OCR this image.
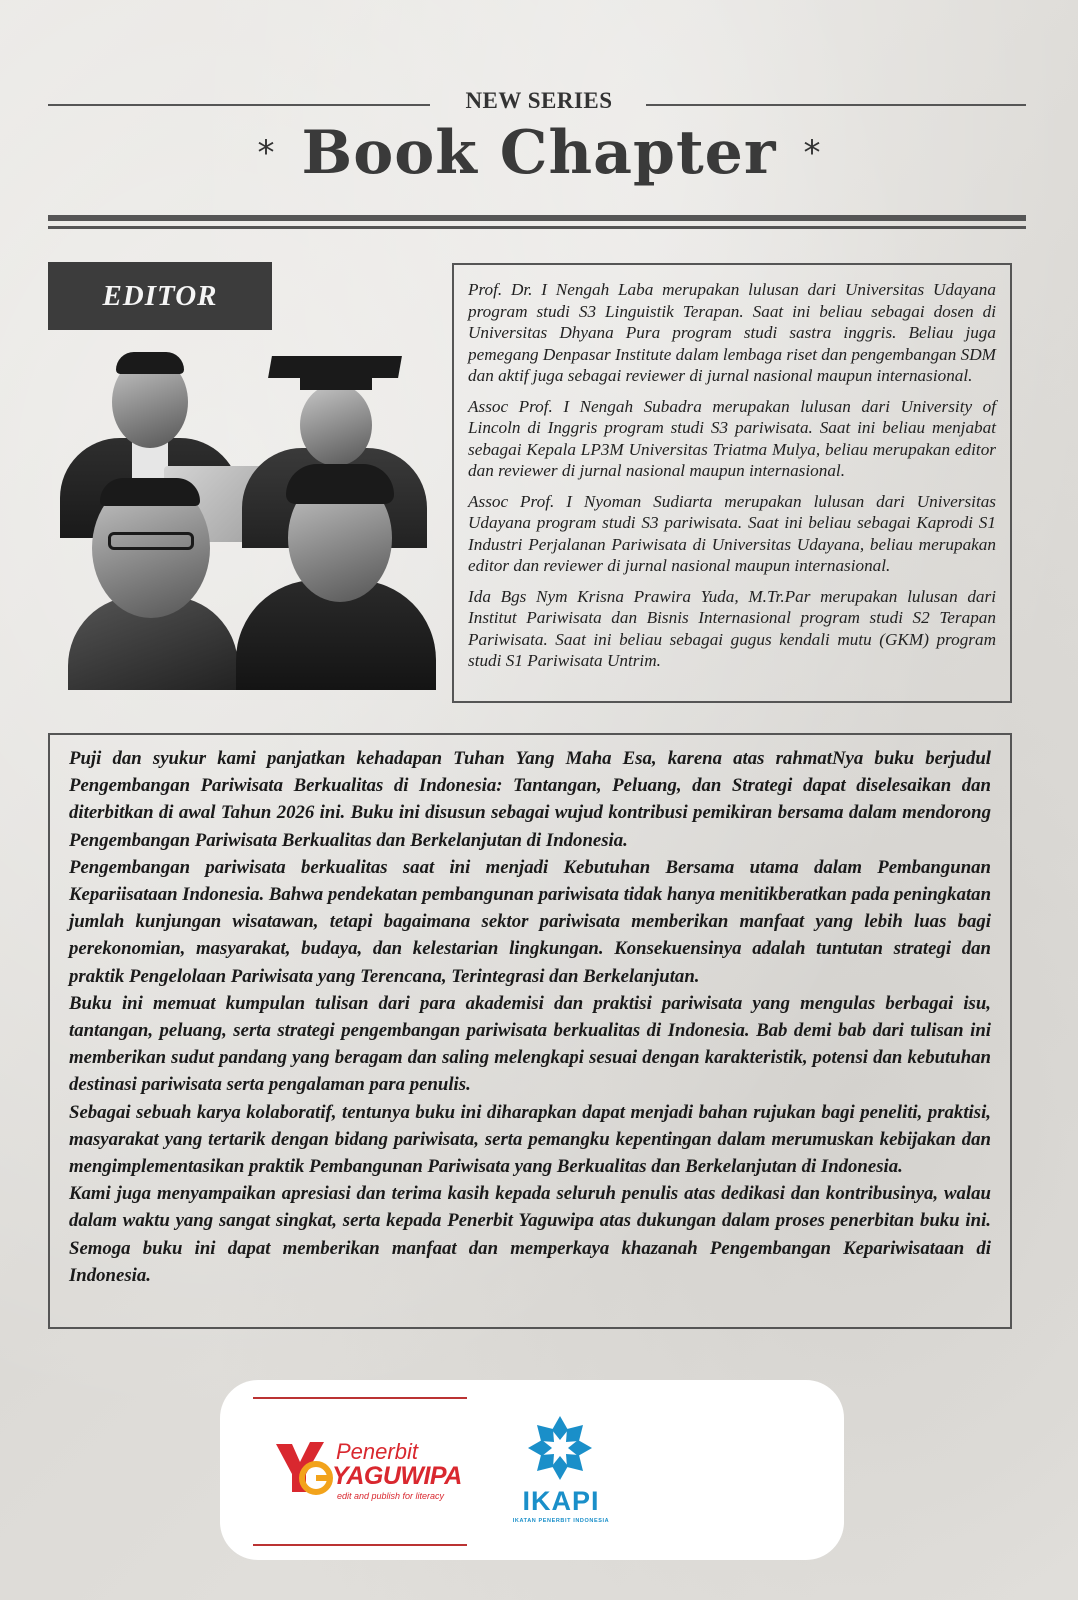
NEW SERIES
* Book Chapter *
EDITOR	Prof. Dr. I Nengah Laba merupakan lulusan dari Universitas Udayana program studi S3 Linguistik Terapan. Saat ini beliau sebagai dosen di Universitas Dhyana Pura program studi sastra inggris. Beliau juga pemegang Denpasar Institute dalam lembaga riset dan pengembangan SDM dan aktif juga sebagai reviewer di jurnal nasional maupun internasional.

Assoc Prof. I Nengah Subadra merupakan lulusan dari University of Lincoln di Inggris program studi S3 pariwisata. Saat ini beliau menjabat sebagai Kepala LP3M Universitas Triatma Mulya, beliau merupakan editor dan reviewer di jurnal nasional maupun internasional.

Assoc Prof. I Nyoman Sudiarta merupakan lulusan dari Universitas Udayana program studi S3 pariwisata. Saat ini beliau sebagai Kaprodi S1 Industri Perjalanan Pariwisata di Universitas Udayana, beliau merupakan editor dan reviewer di jurnal nasional maupun internasional.

Ida Bgs Nym Krisna Prawira Yuda, M.Tr.Par merupakan lulusan dari Institut Pariwisata dan Bisnis Internasional program studi S2 Terapan Pariwisata. Saat ini beliau sebagai gugus kendali mutu (GKM) program studi S1 Pariwisata Untrim.

Puji dan syukur kami panjatkan kehadapan Tuhan Yang Maha Esa, karena atas rahmatNya buku berjudul Pengembangan Pariwisata Berkualitas di Indonesia: Tantangan, Peluang, dan Strategi dapat diselesaikan dan diterbitkan di awal Tahun 2026 ini. Buku ini disusun sebagai wujud kontribusi pemikiran bersama dalam mendorong Pengembangan Pariwisata Berkualitas dan Berkelanjutan di Indonesia.

Pengembangan pariwisata berkualitas saat ini menjadi Kebutuhan Bersama utama dalam Pembangunan Kepariisataan Indonesia. Bahwa pendekatan pembangunan pariwisata tidak hanya menitikberatkan pada peningkatan jumlah kunjungan wisatawan, tetapi bagaimana sektor pariwisata memberikan manfaat yang lebih luas bagi perekonomian, masyarakat, budaya, dan kelestarian lingkungan. Konsekuensinya adalah tuntutan strategi dan praktik Pengelolaan Pariwisata yang Terencana, Terintegrasi dan Berkelanjutan.

Buku ini memuat kumpulan tulisan dari para akademisi dan praktisi pariwisata yang mengulas berbagai isu, tantangan, peluang, serta strategi pengembangan pariwisata berkualitas di Indonesia. Bab demi bab dari tulisan ini memberikan sudut pandang yang beragam dan saling melengkapi sesuai dengan karakteristik, potensi dan kebutuhan destinasi pariwisata serta pengalaman para penulis.

Sebagai sebuah karya kolaboratif, tentunya buku ini diharapkan dapat menjadi bahan rujukan bagi peneliti, praktisi, masyarakat yang tertarik dengan bidang pariwisata, serta pemangku kepentingan dalam merumuskan kebijakan dan mengimplementasikan praktik Pembangunan Pariwisata yang Berkualitas dan Berkelanjutan di Indonesia.

Kami juga menyampaikan apresiasi dan terima kasih kepada seluruh penulis atas dedikasi dan kontribusinya, walau dalam waktu yang sangat singkat, serta kepada Penerbit Yaguwipa atas dukungan dalam proses penerbitan buku ini. Semoga buku ini dapat memberikan manfaat dan memperkaya khazanah Pengembangan Kepariwisataan di Indonesia.

Penerbit
YAGUWIPA
edit and publish for literacy	IKAPI
IKATAN PENERBIT INDONESIA
